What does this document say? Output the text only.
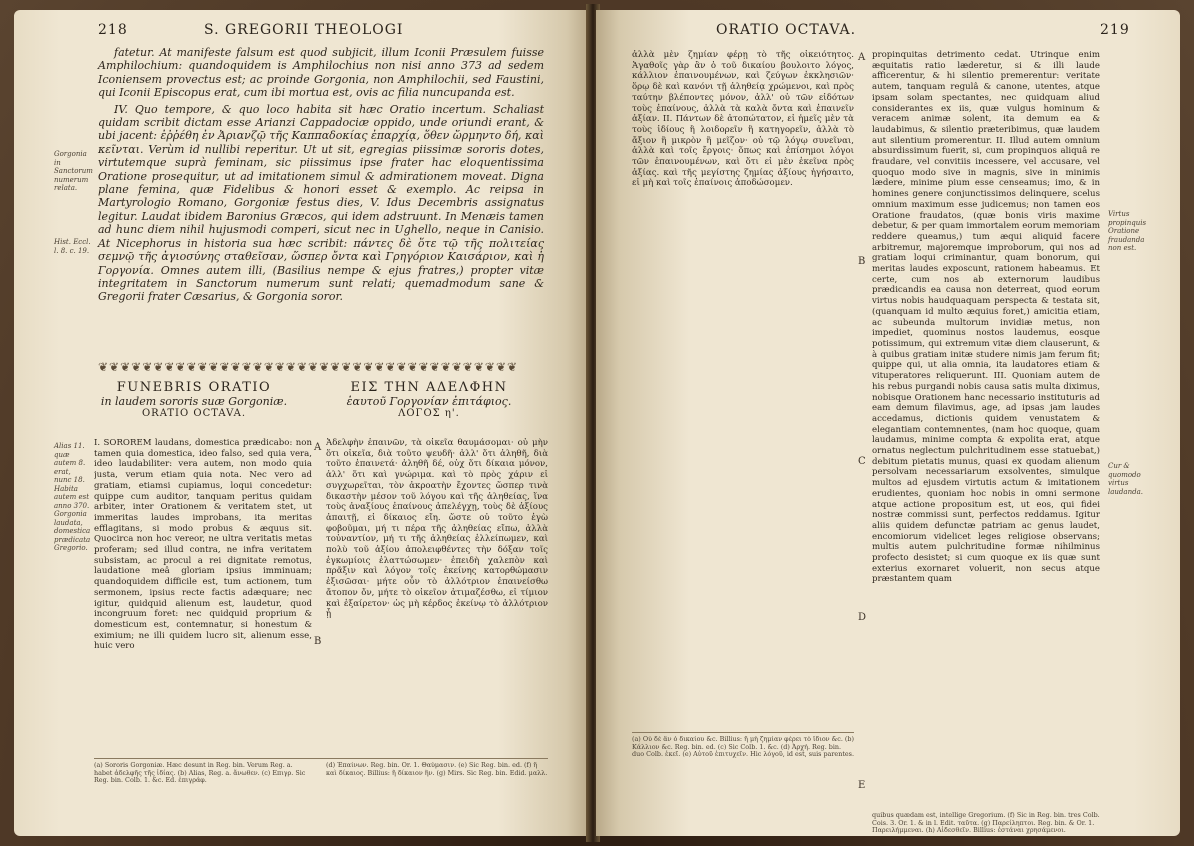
218	S. GREGORII THEOLOGI
Gorgonia in Sanctorum numerum relata.
Hist. Eccl. l. 8. c. 19.

fatetur. At manifeste falsum est quod subjicit, illum Iconii Præsulem fuisse Amphilochium: quandoquidem is Amphilochius non nisi anno 373 ad sedem Iconiensem provectus est; ac proinde Gorgonia, non Amphilochii, sed Faustini, qui Iconii Episcopus erat, cum ibi mortua est, ovis ac filia nuncupanda est.

IV. Quo tempore, & quo loco habita sit hæc Oratio incertum. Schaliast quidam scribit dictam esse Arianzi Cappadociæ oppido, unde oriundi erant, & ubi jacent: ἐῤῥέθη ἐν Ἀριανζῷ τῆς Καππαδοκίας ἐπαρχίᾳ, ὅθεν ὥρμηντο δή, καὶ κεῖνται. Verùm id nullibi reperitur. Ut ut sit, egregias piissimæ sororis dotes, virtutemque suprà feminam, sic piissimus ipse frater hac eloquentissima Oratione prosequitur, ut ad imitationem simul & admirationem moveat. Digna plane femina, quæ Fidelibus & honori esset & exemplo. Ac reipsa in Martyrologio Romano, Gorgoniæ festus dies, V. Idus Decembris assignatus legitur. Laudat ibidem Baronius Græcos, qui idem adstruunt. In Menæis tamen ad hunc diem nihil hujusmodi comperi, sicut nec in Ughello, neque in Canisio. At Nicephorus in historia sua hæc scribit: πάντες δὲ ὅτε τῷ τῆς πολιτείας σεμνῷ τῆς ἀγιοσύνης σταθεῖσαν, ὥσπερ ὄντα καὶ Γρηγόριον Καισάριον, καὶ ἡ Γοργονία. Omnes autem illi, (Basilius nempe & ejus fratres,) propter vitæ integritatem in Sanctorum numerum sunt relati; quemadmodum sane & Gregorii frater Cæsarius, & Gorgonia soror.

❦❦❦❦❦❦❦❦❦❦❦❦❦❦❦❦❦❦❦❦❦❦❦❦❦❦❦❦❦❦❦❦❦❦❦❦❦❦
FUNEBRIS ORATIO
in laudem sororis suæ Gorgoniæ.
ORATIO OCTAVA.
ΕΙΣ ΤΗΝ ΑΔΕΛΦΗΝ
ἑαυτοῦ Γοργονίαν ἐπιτάφιος.
ΛΟΓΟΣ η'.
Alias 11. quæ autem 8. erat, nunc 18. Habita autem est anno 370. Gorgonia laudata, domestica prædicata Gregorio.
I. SOROREM laudans, domestica prædicabo: non tamen quia domestica, ideo falso, sed quia vera, ideo laudabiliter: vera autem, non modo quia justa, verum etiam quia nota. Nec vero ad gratiam, etiamsi cupiamus, loqui concedetur: quippe cum auditor, tanquam peritus quidam arbiter, inter Orationem & veritatem stet, ut immeritas laudes improbans, ita meritas efflagitans, si modo probus & æquus sit. Quocirca non hoc vereor, ne ultra veritatis metas proferam; sed illud contra, ne infra veritatem subsistam, ac procul a rei dignitate remotus, laudatione meâ gloriam ipsius imminuam; quandoquidem difficile est, tum actionem, tum sermonem, ipsius recte factis adæquare; nec igitur, quidquid alienum est, laudetur, quod incongruum foret: nec quidquid proprium & domesticum est, contemnatur, si honestum & eximium; ne illi quidem lucro sit, alienum esse, huic vero
A
B
Ἀδελφὴν ἐπαινῶν, τὰ οἰκεῖα θαυμάσομαι· οὐ μὴν ὅτι οἰκεῖα, διὰ τοῦτο ψευδῆ· ἀλλ' ὅτι ἀληθῆ, διὰ τοῦτο ἐπαινετά· ἀληθῆ δέ, οὐχ ὅτι δίκαια μόνον, ἀλλ' ὅτι καὶ γνώριμα. καὶ τὸ πρὸς χάριν εἰ συγχωρεῖται, τὸν ἀκροατὴν ἔχοντες ὥσπερ τινὰ δικαστὴν μέσον τοῦ λόγου καὶ τῆς ἀληθείας, ἵνα τοὺς ἀναξίους ἐπαίνους ἀπελέγχῃ, τοὺς δὲ ἀξίους ἀπαιτῇ, εἰ δίκαιος εἴη. ὥστε οὐ τοῦτο ἐγὼ φοβοῦμαι, μή τι πέρα τῆς ἀληθείας εἴπω, ἀλλὰ τοὐναντίον, μή τι τῆς ἀληθείας ἐλλείπωμεν, καὶ πολὺ τοῦ ἀξίου ἀπολειφθέντες τὴν δόξαν τοῖς ἐγκωμίοις ἐλαττώσωμεν· ἐπειδὴ χαλεπὸν καὶ πρᾶξιν καὶ λόγον τοῖς ἐκείνης κατορθώμασιν ἐξισῶσαι· μήτε οὖν τὸ ἀλλότριον ἐπαινείσθω ἄτοπον ὄν, μήτε τὸ οἰκεῖον ἀτιμαζέσθω, εἰ τίμιον καὶ ἐξαίρετον· ὡς μὴ κέρδος ἐκείνῳ τὸ ἀλλότριον ᾖ
(a) Sororis Gorgoniæ. Hæc desunt in Reg. bin. Verum Reg. a. habet ἀδελφῆς τῆς ἰδίας. (b) Alias, Reg. a. ἄνωθεν. (c) Επιγρ. Sic Reg. bin. Colb. 1. &c. Ed. ἐπιγράφ.
(d) Ἐπαίνων. Reg. bin. Or. 1. Θαύμασιν. (e) Sic Reg. bin. ed. (f) ἢ καὶ δίκαιος. Billius: ἢ δίκαιον ἢν. (g) Mirs. Sic Reg. bin. Edid. μαλλ.
ORATIO OCTAVA.	219
ἀλλὰ μὲν ζημίαν φέρῃ τὸ τῆς οἰκειότητος. Ἀγαθοῖς γὰρ ἂν ὁ τοῦ δικαίου βουλοιτο λόγος, κάλλιον ἐπαινουμένων, καὶ ζεύγων ἐκκλησιῶν· ὅρῳ δὲ καὶ κανόνι τῇ ἀληθείᾳ χρώμενοι, καὶ πρὸς ταύτην βλέποντες μόνον, ἀλλ' οὐ τῶν εἰδότων τοὺς ἐπαίνους, ἀλλὰ τὰ καλὰ ὄντα καὶ ἐπαινεῖν ἀξίαν. II. Πάντων δὲ ἀτοπώτατον, εἰ ἡμεῖς μὲν τὰ τοὺς ἰδίους ἢ λοιδορεῖν ἢ κατηγορεῖν, ἀλλὰ τὸ ἄξιον ἢ μικρὸν ἢ μεῖζον· οὐ τῷ λόγῳ συνεῖναι, ἀλλὰ καὶ τοῖς ἔργοις· ὅπως καὶ ἐπίσημοι λόγοι τῶν ἐπαινουμένων, καὶ ὅτι εἰ μὲν ἐκεῖνα πρὸς ἀξίας. καὶ τῆς μεγίστης ζημίας ἀξίους ἡγήσαιτο, εἰ μὴ καὶ τοῖς ἐπαίνοις ἀποδώσομεν.
A
B
C
D
E
propinquitas detrimento cedat. Utrinque enim æquitatis ratio læderetur, si & illi laude afficerentur, & hi silentio premerentur: veritate autem, tanquam regulâ & canone, utentes, atque ipsam solam spectantes, nec quidquam aliud considerantes ex iis, quæ vulgus hominum & veracem animæ solent, ita demum ea & laudabimus, & silentio præteribimus, quæ laudem aut silentium promerentur. II. Illud autem omnium absurdissimum fuerit, si, cum propinquos aliquâ re fraudare, vel convitiis incessere, vel accusare, vel quoquo modo sive in magnis, sive in minimis lædere, minime pium esse censeamus; imo, & in homines genere conjunctissimos delinquere, scelus omnium maximum esse judicemus; non tamen eos Oratione fraudatos, (quæ bonis viris maxime debetur, & per quam immortalem eorum memoriam reddere queamus,) tum æqui aliquid facere arbitremur, majoremque improborum, qui nos ad gratiam loqui criminantur, quam bonorum, qui meritas laudes exposcunt, rationem habeamus. Et certe, cum nos ab externorum laudibus prædicandis ea causa non deterreat, quod eorum virtus nobis haudquaquam perspecta & testata sit, (quanquam id multo æquius foret,) amicitia etiam, ac subeunda multorum invidiæ metus, non impediet, quominus nostos laudemus, eosque potissimum, qui extremum vitæ diem clauserunt, & à quibus gratiam initæ studere nimis jam ferum fit; quippe qui, ut alia omnia, ita laudatores etiam & vituperatores reliquerunt. III. Quoniam autem de his rebus purgandi nobis causa satis multa diximus, nobisque Orationem hanc necessario instituturis ad eam demum filavimus, age, ad ipsas jam laudes accedamus, dictionis quidem venustatem & elegantiam contemnentes, (nam hoc quoque, quam laudamus, minime compta & expolita erat, atque ornatus neglectum pulchritudinem esse statuebat,) debitum pietatis munus, quasi ex quodam alienum persolvam necessariarum exsolventes, simulque multos ad ejusdem virtutis actum & imitationem erudientes, quoniam hoc nobis in omni sermone atque actione propositum est, ut eos, qui fidei nostræ commissi sunt, perfectos reddamus. Igitur aliis quidem defunctæ patriam ac genus laudet, encomiorum videlicet leges religiose observans; multis autem pulchritudine formæ nihilminus profecto desistet; si cum quoque ex iis quæ sunt exterius exornaret voluerit, non secus atque præstantem quam
Virtus propinquis Oratione fraudanda non est.
Cur & quomodo virtus laudanda.
(a) Οὐ δὲ ἂν ὁ δικαίου &c. Billius: ἢ μὴ ζημίαν φέρει τὸ ἴδιον &c. (b) Κάλλιον &c. Reg. bin. ed. (c) Sic Colb. 1. &c. (d) Ἀρχή. Reg. bin. duo Colb. ἐκεῖ. (e) Αὐτοῦ ἐπιτυχεῖν. Hic λόγοῦ, id est, suis parentes.
quibus quædam est, intellige Gregorium. (f) Sic in Reg. bin. tres Colb. Cois. 3. Or. 1. & in l. Edit. ταῦτα. (g) Παρείληπτοι. Reg. bin. & Or. 1. Παρειλήμμεναι. (h) Αἰδεσθεῖν. Billius: ἐστάναι χρησάμενοι.
